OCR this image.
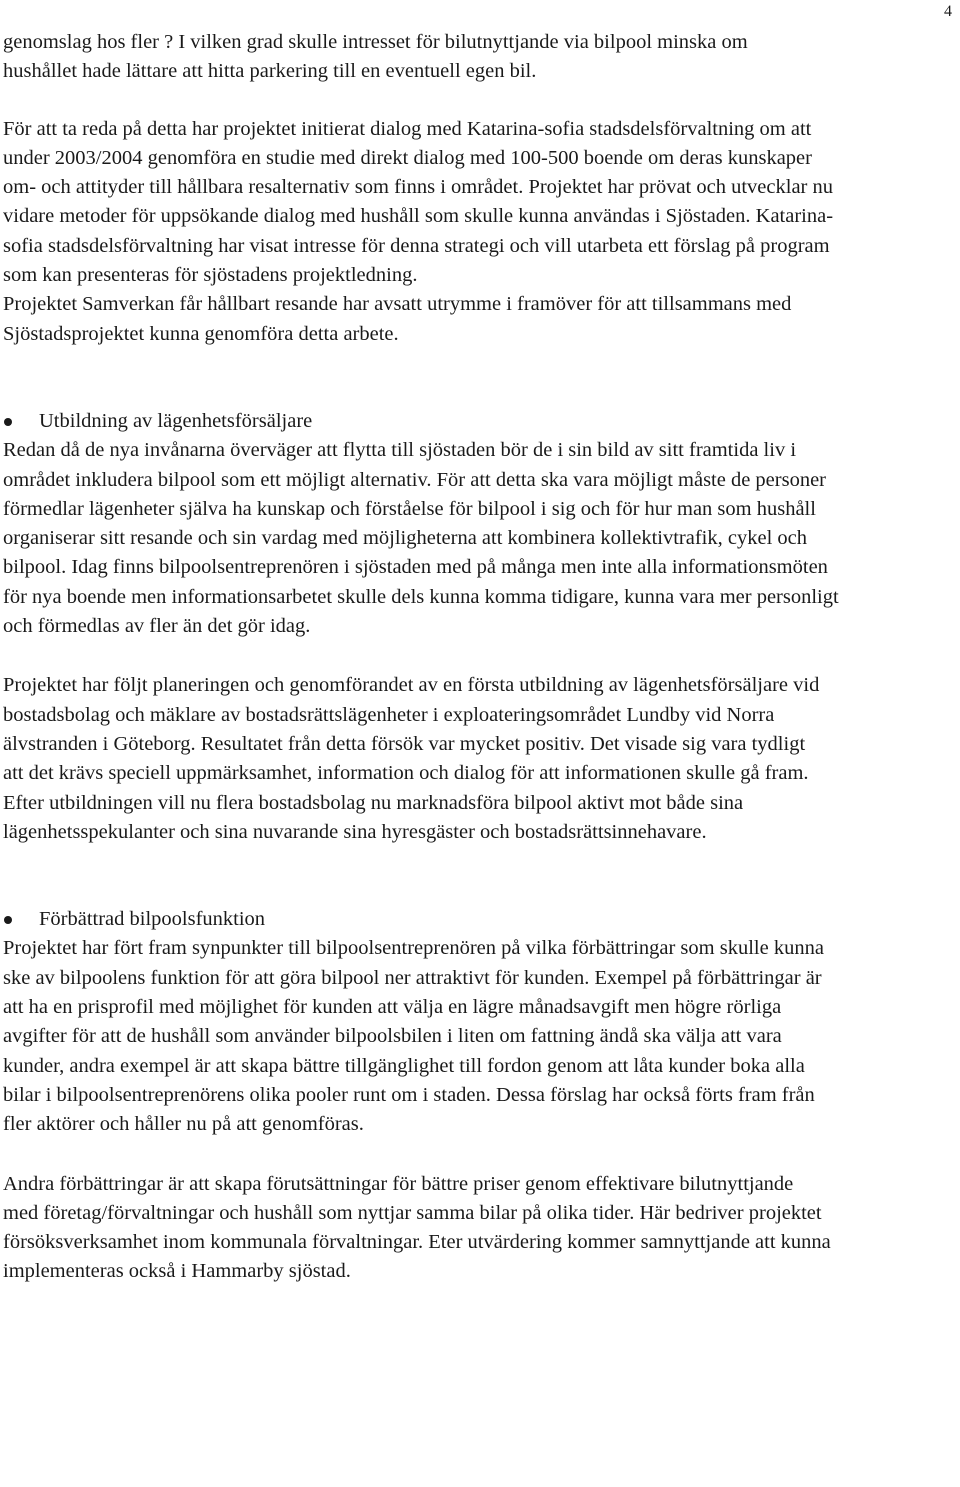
4

genomslag hos fler ? I vilken grad skulle intresset för bilutnyttjande via bilpool minska om hushållet hade lättare att hitta parkering till en eventuell egen bil.

För att ta reda på detta har projektet initierat dialog med Katarina-sofia stadsdelsförvaltning om att under 2003/2004 genomföra en studie med direkt dialog med 100-500 boende om deras kunskaper om- och attityder till hållbara resalternativ som finns i området. Projektet har prövat och utvecklar nu vidare metoder för uppsökande dialog med hushåll som skulle kunna användas i Sjöstaden. Katarina-sofia stadsdelsförvaltning har visat intresse för denna strategi och vill utarbeta ett förslag på program som kan presenteras för sjöstadens projektledning.

Projektet Samverkan får hållbart resande har avsatt utrymme i framöver för att tillsammans med Sjöstadsprojektet kunna genomföra detta arbete.

Utbildning av lägenhetsförsäljare

Redan då de nya invånarna överväger att flytta till sjöstaden bör de i sin bild av sitt framtida liv i området inkludera bilpool som ett möjligt alternativ. För att detta ska vara möjligt måste de personer förmedlar lägenheter själva ha kunskap och förståelse för bilpool i sig och för hur man som hushåll organiserar sitt resande och sin vardag med möjligheterna att kombinera kollektivtrafik, cykel och bilpool. Idag finns bilpoolsentreprenören i sjöstaden med på många men inte alla informationsmöten för nya boende men informationsarbetet skulle dels kunna komma tidigare, kunna vara mer personligt och förmedlas av fler än det gör idag.

Projektet har följt planeringen och genomförandet av en första utbildning av lägenhetsförsäljare vid bostadsbolag och mäklare av bostadsrättslägenheter i exploateringsområdet Lundby vid Norra älvstranden i Göteborg. Resultatet från detta försök var mycket positiv. Det visade sig vara tydligt att det krävs speciell uppmärksamhet, information och dialog för att informationen skulle gå fram. Efter utbildningen vill nu flera bostadsbolag nu marknadsföra bilpool aktivt mot både sina lägenhetsspekulanter och sina nuvarande sina hyresgäster och bostadsrättsinnehavare.

Förbättrad bilpoolsfunktion

Projektet har fört fram synpunkter till bilpoolsentreprenören på vilka förbättringar som skulle kunna ske av bilpoolens funktion för att göra bilpool ner attraktivt för kunden. Exempel på förbättringar är att ha en prisprofil med möjlighet för kunden att välja en lägre månadsavgift men högre rörliga avgifter för att de hushåll som använder bilpoolsbilen i liten om fattning ändå ska välja att vara kunder, andra exempel är att skapa bättre tillgänglighet till fordon genom att låta kunder boka alla bilar i bilpoolsentreprenörens olika pooler runt om i staden. Dessa förslag har också förts fram från fler aktörer och håller nu på att genomföras.

Andra förbättringar är att skapa förutsättningar för bättre priser genom effektivare bilutnyttjande med företag/förvaltningar och hushåll som nyttjar samma bilar på olika tider. Här bedriver projektet försöksverksamhet inom kommunala förvaltningar. Eter utvärdering kommer samnyttjande att kunna implementeras också i Hammarby sjöstad.
